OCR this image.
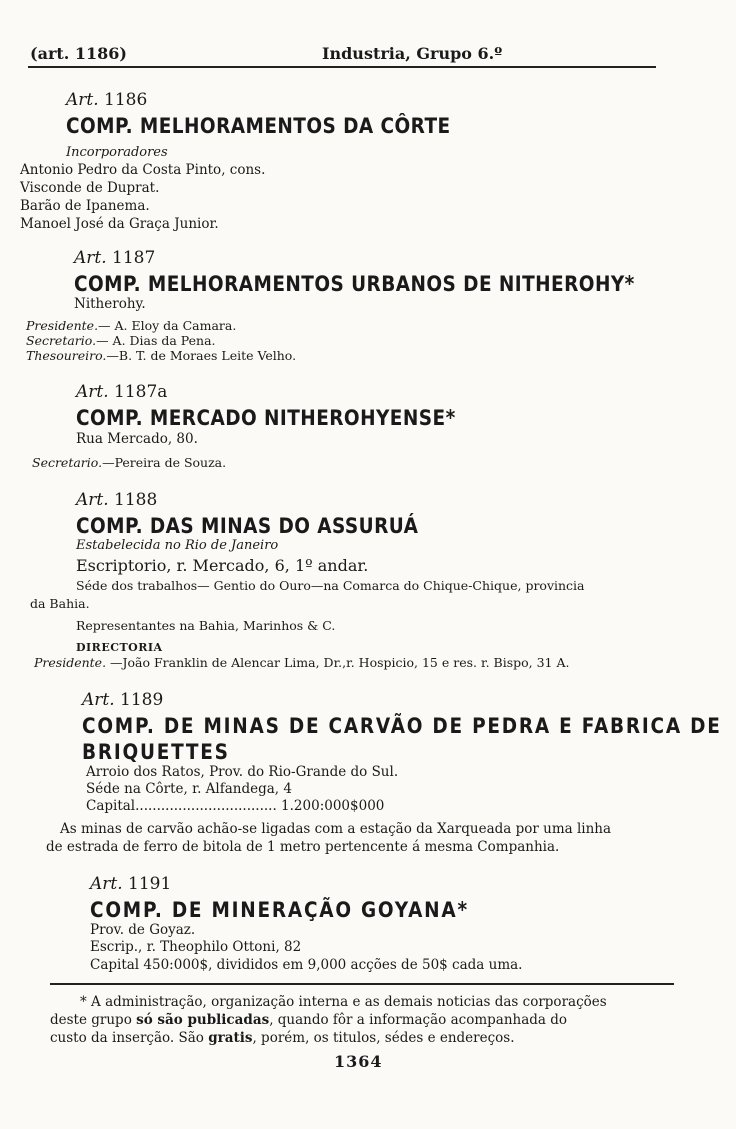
(art. 1186)	Industria, Grupo 6.º
Art. 1186
COMP. MELHORAMENTOS DA CÔRTE
Incorporadores
Antonio Pedro da Costa Pinto, cons.
Visconde de Duprat.
Barão de Ipanema.
Manoel José da Graça Junior.
Art. 1187
COMP. MELHORAMENTOS URBANOS DE NITHEROHY*
Nitherohy.
Presidente.— A. Eloy da Camara.
Secretario.— A. Dias da Pena.
Thesoureiro.—B. T. de Moraes Leite Velho.
Art. 1187a
COMP. MERCADO NITHEROHYENSE*
Rua Mercado, 80.
Secretario.—Pereira de Souza.
Art. 1188
COMP. DAS MINAS DO ASSURUÁ
Estabelecida no Rio de Janeiro
Escriptorio, r. Mercado, 6, 1º andar.
Séde dos trabalhos— Gentio do Ouro—na Comarca do Chique-Chique, provincia
da Bahia.
Representantes na Bahia, Marinhos & C.
DIRECTORIA
Presidente. —João Franklin de Alencar Lima, Dr.,r. Hospicio, 15 e res. r. Bispo, 31 A.
Art. 1189
COMP. DE MINAS DE CARVÃO DE PEDRA E FABRICA DE
BRIQUETTES
Arroio dos Ratos, Prov. do Rio-Grande do Sul.
Séde na Côrte, r. Alfandega, 4
Capital................................. 1.200:000$000
As minas de carvão achão-se ligadas com a estação da Xarqueada por uma linha
de estrada de ferro de bitola de 1 metro pertencente á mesma Companhia.
Art. 1191
COMP. DE MINERAÇÃO GOYANA*
Prov. de Goyaz.
Escrip., r. Theophilo Ottoni, 82
Capital 450:000$, divididos em 9,000 acções de 50$ cada uma.
* A administração, organização interna e as demais noticias das corporações
deste grupo só são publicadas, quando fôr a informação acompanhada do
custo da inserção. São gratis, porém, os titulos, sédes e endereços.
1364
